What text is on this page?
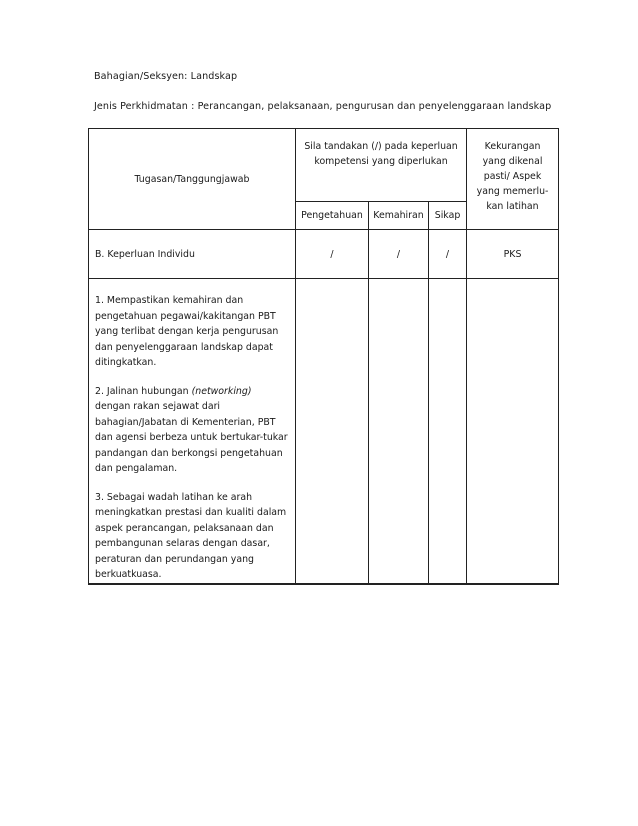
Bahagian/Seksyen: Landskap
Jenis Perkhidmatan : Perancangan, pelaksanaan, pengurusan dan penyelenggaraan landskap
Tugasan/Tanggungjawab	Sila tandakan (/) pada keperluan kompetensi yang diperlukan			Kekurangan yang dikenal pasti/ Aspek yang memerlu-kan latihan
	Pengetahuan	Kemahiran	Sikap	
B. Keperluan Individu	/	/	/	PKS

1. Mempastikan kemahiran dan pengetahuan pegawai/kakitangan PBT yang terlibat dengan kerja pengurusan dan penyelenggaraan landskap dapat ditingkatkan.
2. Jalinan hubungan (networking) dengan rakan sejawat dari bahagian/Jabatan di Kementerian, PBT dan agensi berbeza untuk bertukar-tukar pandangan dan berkongsi pengetahuan dan pengalaman.
3. Sebagai wadah latihan ke arah meningkatkan prestasi dan kualiti dalam aspek perancangan, pelaksanaan dan pembangunan selaras dengan dasar, peraturan dan perundangan yang berkuatkuasa.				
